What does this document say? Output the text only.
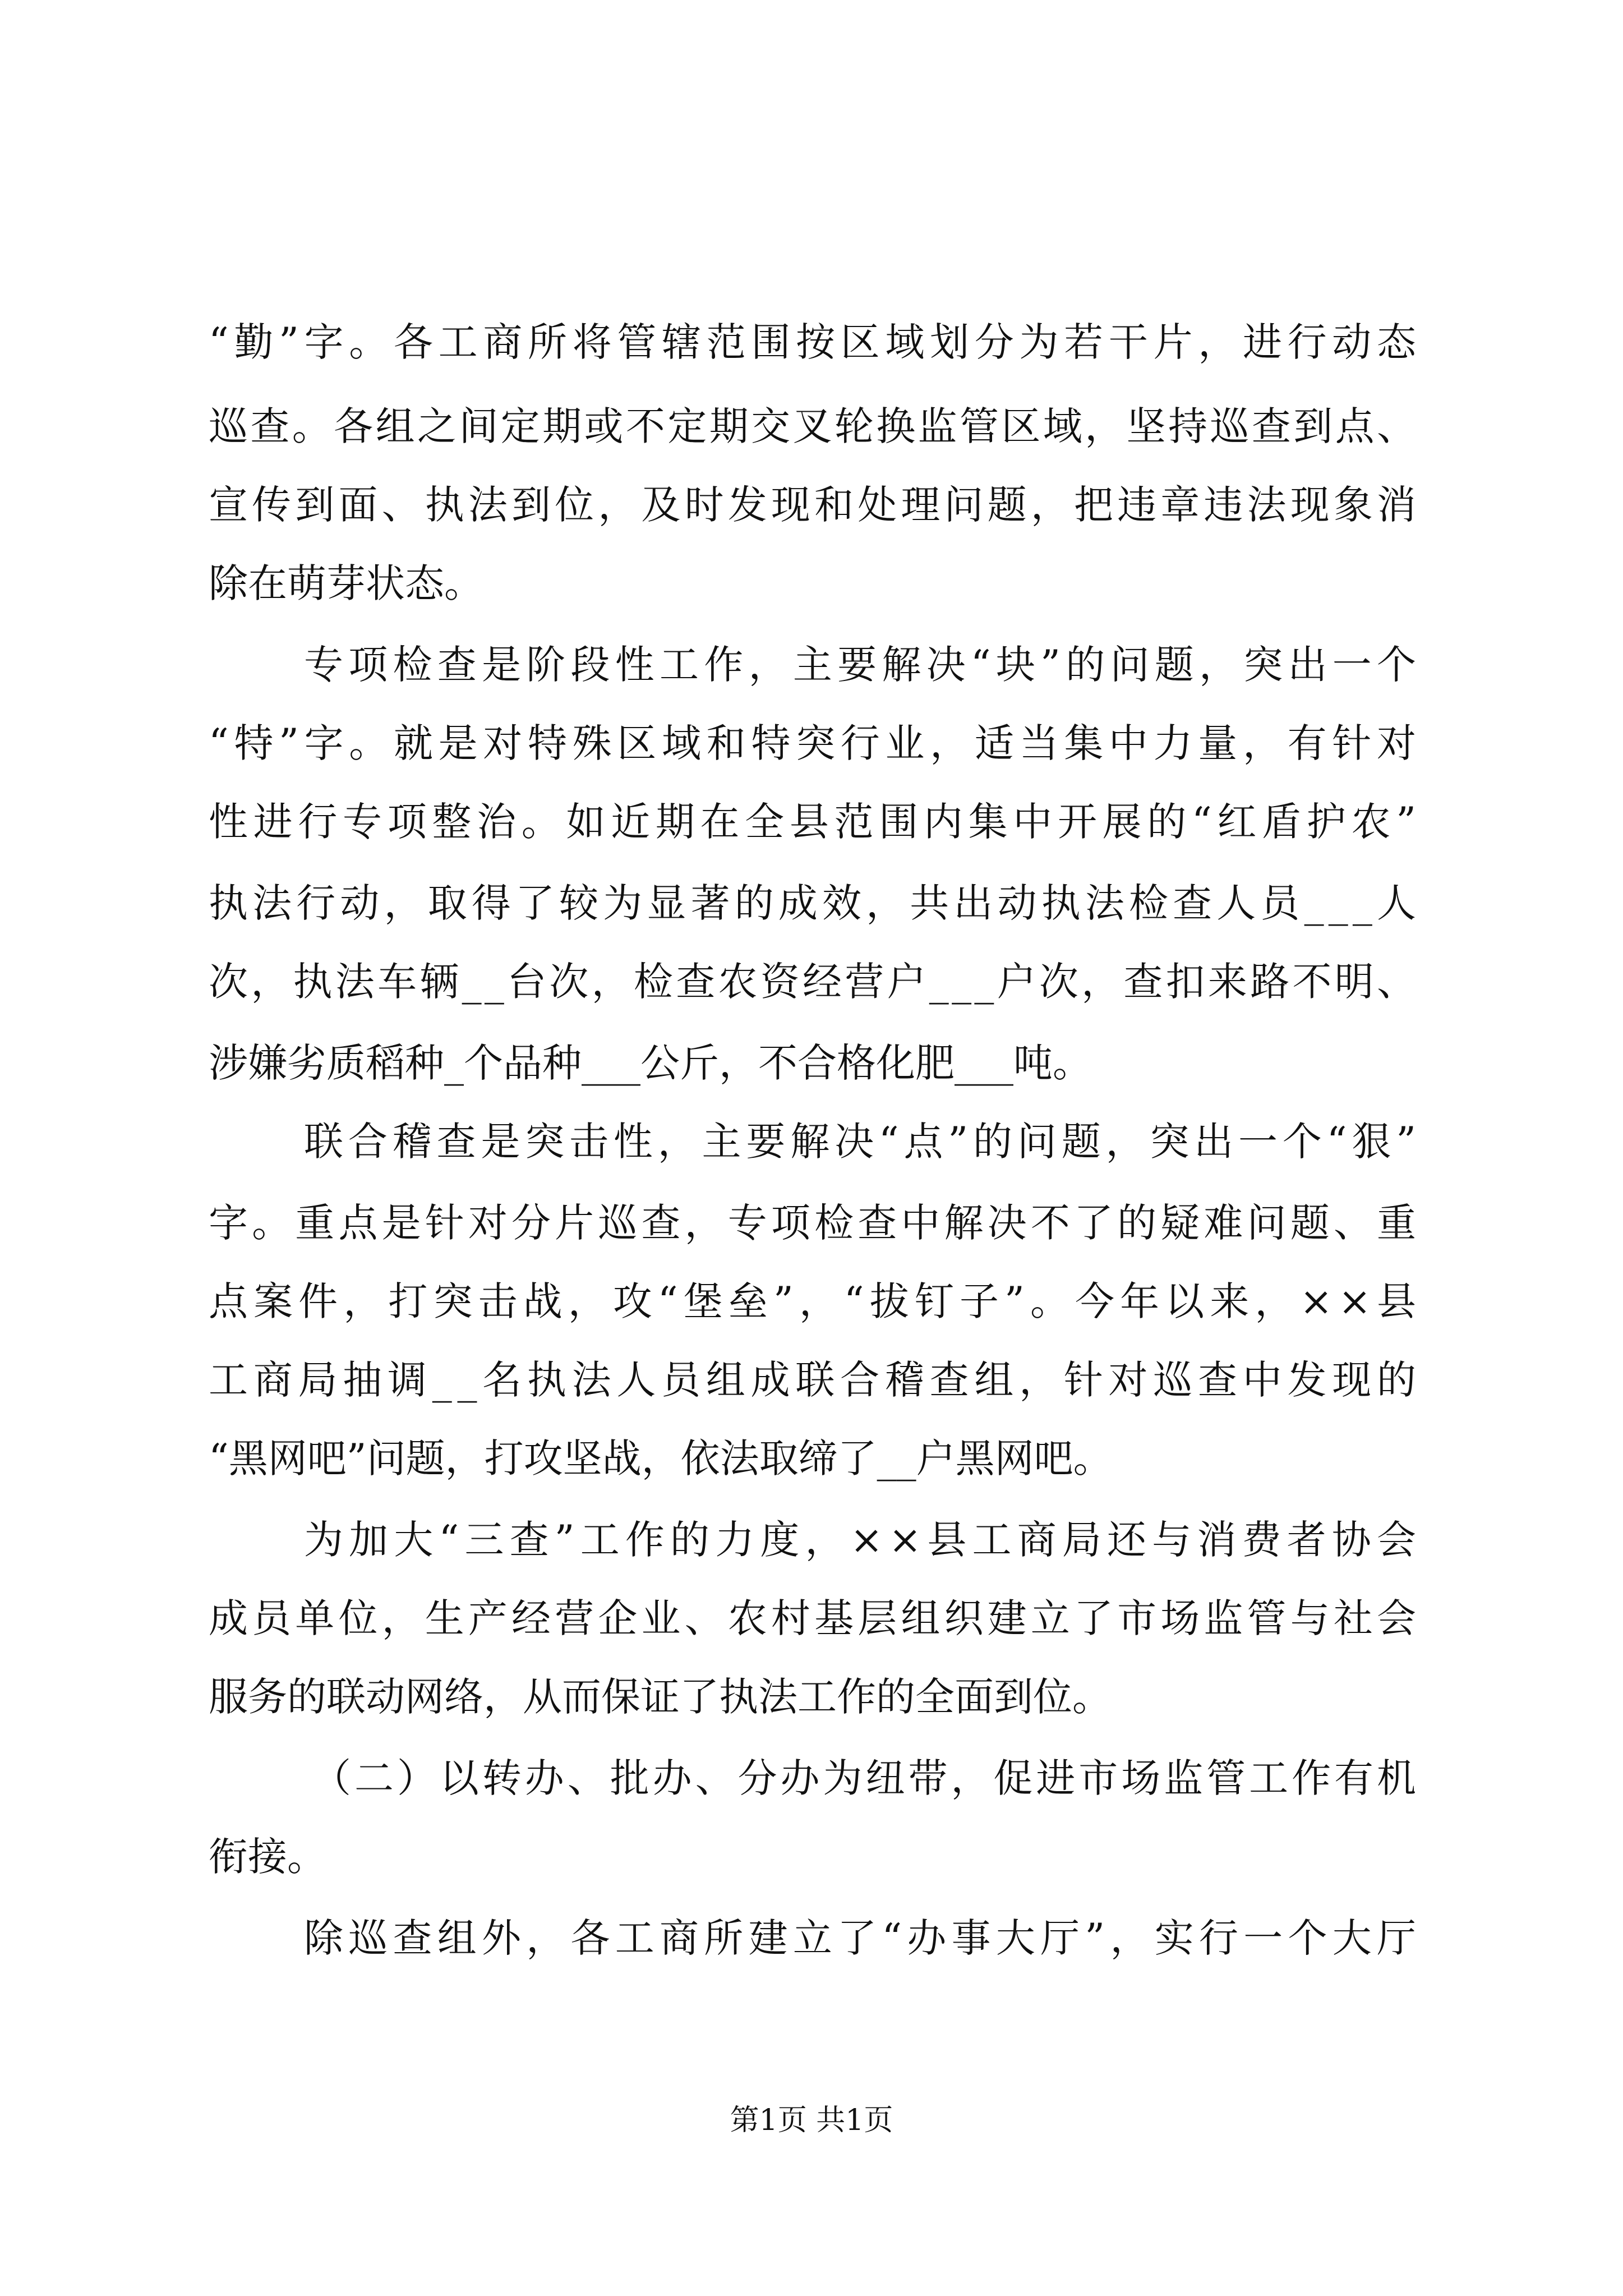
“勤”字。各工商所将管辖范围按区域划分为若干片，进行动态

巡查。各组之间定期或不定期交叉轮换监管区域，坚持巡查到点、

宣传到面、执法到位，及时发现和处理问题，把违章违法现象消

除在萌芽状态。

专项检查是阶段性工作，主要解决“块”的问题，突出一个

“特”字。就是对特殊区域和特突行业，适当集中力量，有针对

性进行专项整治。如近期在全县范围内集中开展的“红盾护农”

执法行动，取得了较为显著的成效，共出动执法检查人员___人

次，执法车辆__台次，检查农资经营户___户次，查扣来路不明、

涉嫌劣质稻种_个品种___公斤，不合格化肥___吨。

联合稽查是突击性，主要解决“点”的问题，突出一个“狠”

字。重点是针对分片巡查，专项检查中解决不了的疑难问题、重

点案件，打突击战，攻“堡垒”，“拔钉子”。今年以来，××县

工商局抽调__名执法人员组成联合稽查组，针对巡查中发现的

“黑网吧”问题，打攻坚战，依法取缔了__户黑网吧。

为加大“三查”工作的力度，××县工商局还与消费者协会

成员单位，生产经营企业、农村基层组织建立了市场监管与社会

服务的联动网络，从而保证了执法工作的全面到位。

（二）以转办、批办、分办为纽带，促进市场监管工作有机

衔接。

除巡查组外，各工商所建立了“办事大厅”，实行一个大厅

第1页 共1页
